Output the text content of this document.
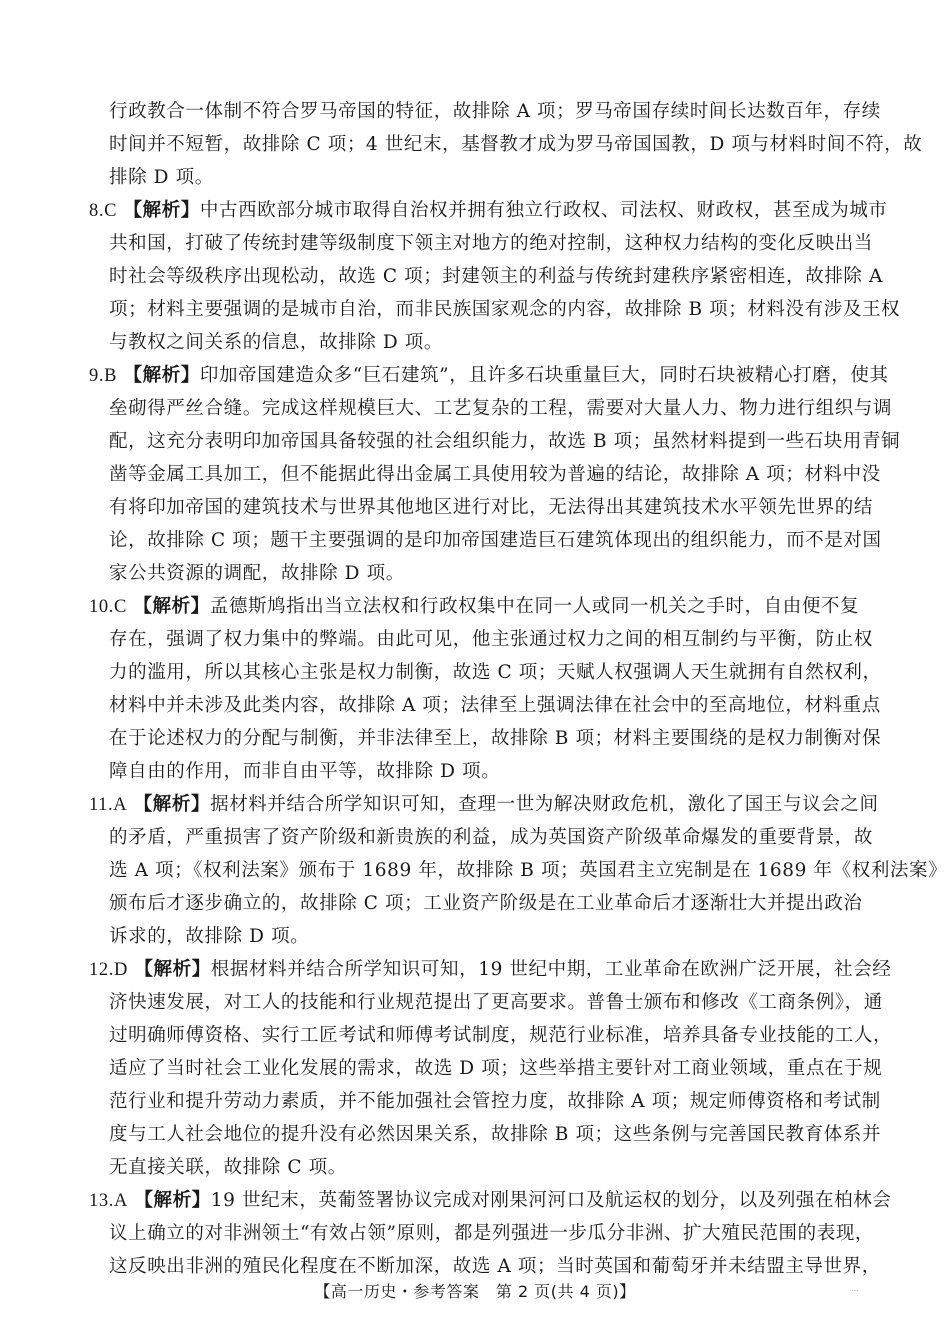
行政教合一体制不符合罗马帝国的特征，故排除 A 项；罗马帝国存续时间长达数百年，存续
时间并不短暂，故排除 C 项；4 世纪末，基督教才成为罗马帝国国教，D 项与材料时间不符，故
排除 D 项。
8.C 【解析】中古西欧部分城市取得自治权并拥有独立行政权、司法权、财政权，甚至成为城市
共和国，打破了传统封建等级制度下领主对地方的绝对控制，这种权力结构的变化反映出当
时社会等级秩序出现松动，故选 C 项；封建领主的利益与传统封建秩序紧密相连，故排除 A
项；材料主要强调的是城市自治，而非民族国家观念的内容，故排除 B 项；材料没有涉及王权
与教权之间关系的信息，故排除 D 项。
9.B 【解析】印加帝国建造众多“巨石建筑”，且许多石块重量巨大，同时石块被精心打磨，使其
垒砌得严丝合缝。完成这样规模巨大、工艺复杂的工程，需要对大量人力、物力进行组织与调
配，这充分表明印加帝国具备较强的社会组织能力，故选 B 项；虽然材料提到一些石块用青铜
凿等金属工具加工，但不能据此得出金属工具使用较为普遍的结论，故排除 A 项；材料中没
有将印加帝国的建筑技术与世界其他地区进行对比，无法得出其建筑技术水平领先世界的结
论，故排除 C 项；题干主要强调的是印加帝国建造巨石建筑体现出的组织能力，而不是对国
家公共资源的调配，故排除 D 项。
10.C 【解析】孟德斯鸠指出当立法权和行政权集中在同一人或同一机关之手时，自由便不复
存在，强调了权力集中的弊端。由此可见，他主张通过权力之间的相互制约与平衡，防止权
力的滥用，所以其核心主张是权力制衡，故选 C 项；天赋人权强调人天生就拥有自然权利，
材料中并未涉及此类内容，故排除 A 项；法律至上强调法律在社会中的至高地位，材料重点
在于论述权力的分配与制衡，并非法律至上，故排除 B 项；材料主要围绕的是权力制衡对保
障自由的作用，而非自由平等，故排除 D 项。
11.A 【解析】据材料并结合所学知识可知，查理一世为解决财政危机，激化了国王与议会之间
的矛盾，严重损害了资产阶级和新贵族的利益，成为英国资产阶级革命爆发的重要背景，故
选 A 项；《权利法案》颁布于 1689 年，故排除 B 项；英国君主立宪制是在 1689 年《权利法案》
颁布后才逐步确立的，故排除 C 项；工业资产阶级是在工业革命后才逐渐壮大并提出政治
诉求的，故排除 D 项。
12.D 【解析】根据材料并结合所学知识可知，19 世纪中期，工业革命在欧洲广泛开展，社会经
济快速发展，对工人的技能和行业规范提出了更高要求。普鲁士颁布和修改《工商条例》，通
过明确师傅资格、实行工匠考试和师傅考试制度，规范行业标准，培养具备专业技能的工人，
适应了当时社会工业化发展的需求，故选 D 项；这些举措主要针对工商业领域，重点在于规
范行业和提升劳动力素质，并不能加强社会管控力度，故排除 A 项；规定师傅资格和考试制
度与工人社会地位的提升没有必然因果关系，故排除 B 项；这些条例与完善国民教育体系并
无直接关联，故排除 C 项。
13.A 【解析】19 世纪末，英葡签署协议完成对刚果河河口及航运权的划分，以及列强在柏林会
议上确立的对非洲领土“有效占领”原则，都是列强进一步瓜分非洲、扩大殖民范围的表现，
这反映出非洲的殖民化程度在不断加深，故选 A 项；当时英国和葡萄牙并未结盟主导世界，
【高一历史・参考答案　第 2 页(共 4 页)】	…
